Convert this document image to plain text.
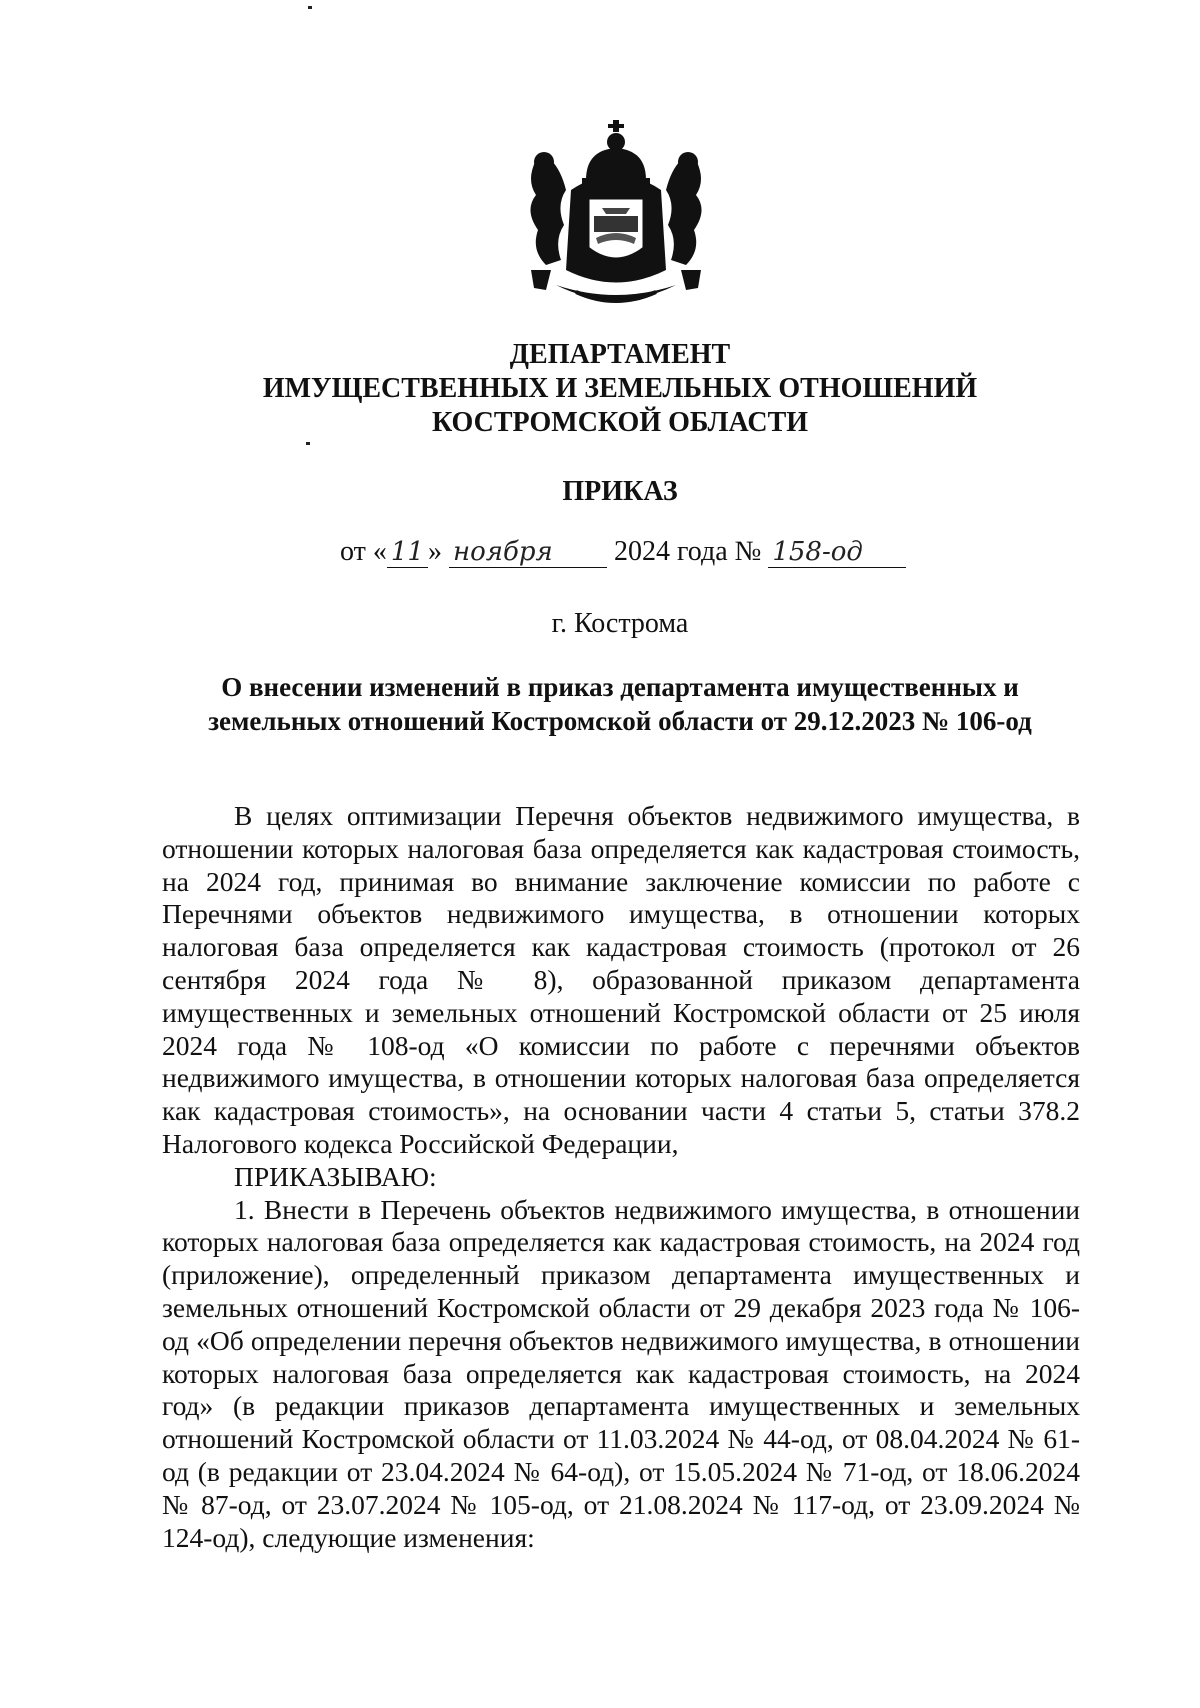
ДЕПАРТАМЕНТ
ИМУЩЕСТВЕННЫХ И ЗЕМЕЛЬНЫХ ОТНОШЕНИЙ
КОСТРОМСКОЙ ОБЛАСТИ
ПРИКАЗ
от « 11 » ноября 2024 года № 158-од
г. Кострома
О внесении изменений в приказ департамента имущественных и
земельных отношений Костромской области от 29.12.2023 № 106-од

В целях оптимизации Перечня объектов недвижимого имущества, в отношении которых налоговая база определяется как кадастровая стоимость, на 2024 год, принимая во внимание заключение комиссии по работе с Перечнями объектов недвижимого имущества, в отношении которых налоговая база определяется как кадастровая стоимость (протокол от 26 сентября 2024 года № 8), образованной приказом департамента имущественных и земельных отношений Костромской области от 25 июля 2024 года № 108-од «О комиссии по работе с перечнями объектов недвижимого имущества, в отношении которых налоговая база определяется как кадастровая стоимость», на основании части 4 статьи 5, статьи 378.2 Налогового кодекса Российской Федерации,

ПРИКАЗЫВАЮ:

1. Внести в Перечень объектов недвижимого имущества, в отношении которых налоговая база определяется как кадастровая стоимость, на 2024 год (приложение), определенный приказом департамента имущественных и земельных отношений Костромской области от 29 декабря 2023 года № 106-од «Об определении перечня объектов недвижимого имущества, в отношении которых налоговая база определяется как кадастровая стоимость, на 2024 год» (в редакции приказов департамента имущественных и земельных отношений Костромской области от 11.03.2024 № 44-од, от 08.04.2024 № 61-од (в редакции от 23.04.2024 № 64-од), от 15.05.2024 № 71-од, от 18.06.2024 № 87-од, от 23.07.2024 № 105-од, от 21.08.2024 № 117-од, от 23.09.2024 № 124-од), следующие изменения:
